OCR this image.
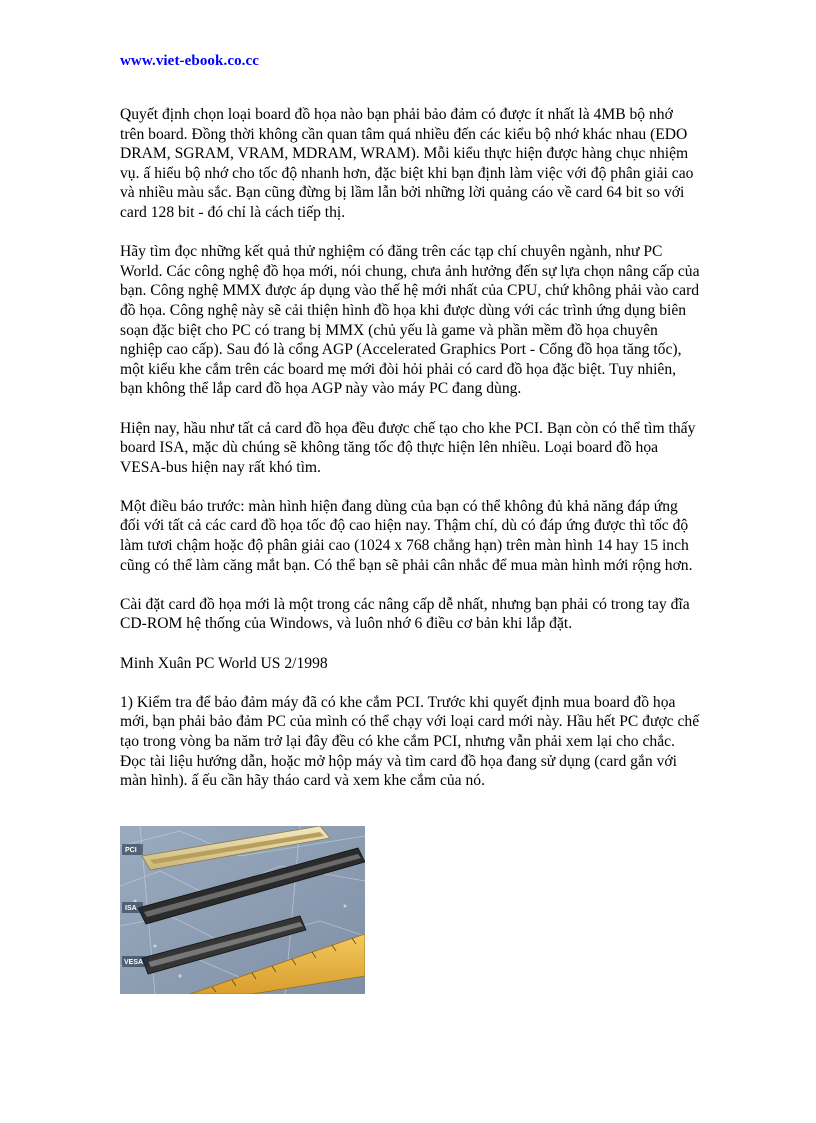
www.viet-ebook.co.cc

Quyết định chọn loại board đồ họa nào bạn phải bảo đảm có được ít nhất là 4MB bộ nhớ trên board. Đồng thời không cần quan tâm quá nhiều đến các kiểu bộ nhớ khác nhau (EDO DRAM, SGRAM, VRAM, MDRAM, WRAM). Mỗi kiểu thực hiện được hàng chục nhiệm vụ. ấ hiểu bộ nhớ cho tốc độ nhanh hơn, đặc biệt khi bạn định làm việc với độ phân giải cao và nhiều màu sắc. Bạn cũng đừng bị lầm lẫn bởi những lời quảng cáo về card 64 bit so với card 128 bit - đó chỉ là cách tiếp thị.

Hãy tìm đọc những kết quả thử nghiệm có đăng trên các tạp chí chuyên ngành, như PC World. Các công nghệ đồ họa mới, nói chung, chưa ảnh hưởng đến sự lựa chọn nâng cấp của bạn. Công nghệ MMX được áp dụng vào thế hệ mới nhất của CPU, chứ không phải vào card đồ họa. Công nghệ này sẽ cải thiện hình đồ họa khi được dùng với các trình ứng dụng biên soạn đặc biệt cho PC có trang bị MMX (chủ yếu là game và phần mềm đồ họa chuyên nghiệp cao cấp). Sau đó là cổng AGP (Accelerated Graphics Port - Cổng đồ họa tăng tốc), một kiểu khe cắm trên các board mẹ mới đòi hỏi phải có card đồ họa đặc biệt. Tuy nhiên, bạn không thể lắp card đồ họa AGP này vào máy PC đang dùng.

Hiện nay, hầu như tất cả card đồ họa đều được chế tạo cho khe PCI. Bạn còn có thể tìm thấy board ISA, mặc dù chúng sẽ không tăng tốc độ thực hiện lên nhiều. Loại board đồ họa VESA-bus hiện nay rất khó tìm.

Một điều báo trước: màn hình hiện đang dùng của bạn có thể không đủ khả năng đáp ứng đối với tất cả các card đồ họa tốc độ cao hiện nay. Thậm chí, dù có đáp ứng được thì tốc độ làm tươi chậm hoặc độ phân giải cao (1024 x 768 chẳng hạn) trên màn hình 14 hay 15 inch cũng có thể làm căng mắt bạn. Có thể bạn sẽ phải cân nhắc để mua màn hình mới rộng hơn.

Cài đặt card đồ họa mới là một trong các nâng cấp dễ nhất, nhưng bạn phải có trong tay đĩa CD-ROM hệ thống của Windows, và luôn nhớ 6 điều cơ bản khi lắp đặt.

Minh Xuân PC World US 2/1998

1) Kiểm tra để bảo đảm máy đã có khe cắm PCI. Trước khi quyết định mua board đồ họa mới, bạn phải bảo đảm PC của mình có thể chạy với loại card mới này. Hầu hết PC được chế tạo trong vòng ba năm trở lại đây đều có khe cắm PCI, nhưng vẫn phải xem lại cho chắc. Đọc tài liệu hướng dẫn, hoặc mở hộp máy và tìm card đồ họa đang sử dụng (card gắn với màn hình). ấ ếu cần hãy tháo card và xem khe cắm của nó.

PCI
ISA
VESA
